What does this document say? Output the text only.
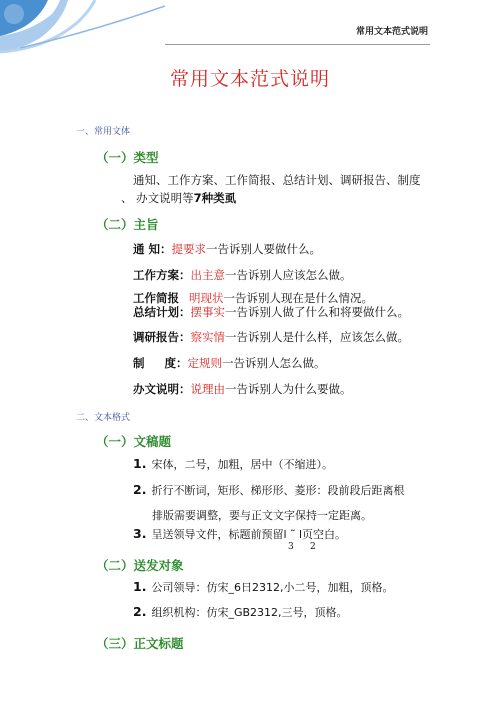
常用文本范式说明
常用文本范式说明
一、常用文体
（一）类型
通知、工作方案、工作简报、总结计划、调研报告、制度
、 办文说明等7种类虱
（二）主旨
通 知：提要求一告诉别人要做什么。
工作方案：出主意一告诉别人应该怎么做。
工作简报 明现状一告诉别人现在是什么情况。
总结计划：摆事实一告诉别人做了什么和将要做什么。
调研报告：察实情一告诉别人是什么样，应该怎么做。
制     度：定规则一告诉别人怎么做。
办文说明：说理由一告诉别人为什么要做。
二、文本格式
（一）文稿题
1. 宋体，二号，加粗，居中（不缩进）。
2. 折行不断词，矩形、梯形形、菱形：段前段后距离根
排版需要调整，要与正文文字保持一定距离。
3. 呈送领导文件，标题前预留l ˜ l页空白。
3 2
（二）送发对象
1. 公司领导：仿宋_6日2312,小二号，加粗，顶格。
2. 组织机构：仿宋_GB2312,三号，顶格。
（三）正文标题
